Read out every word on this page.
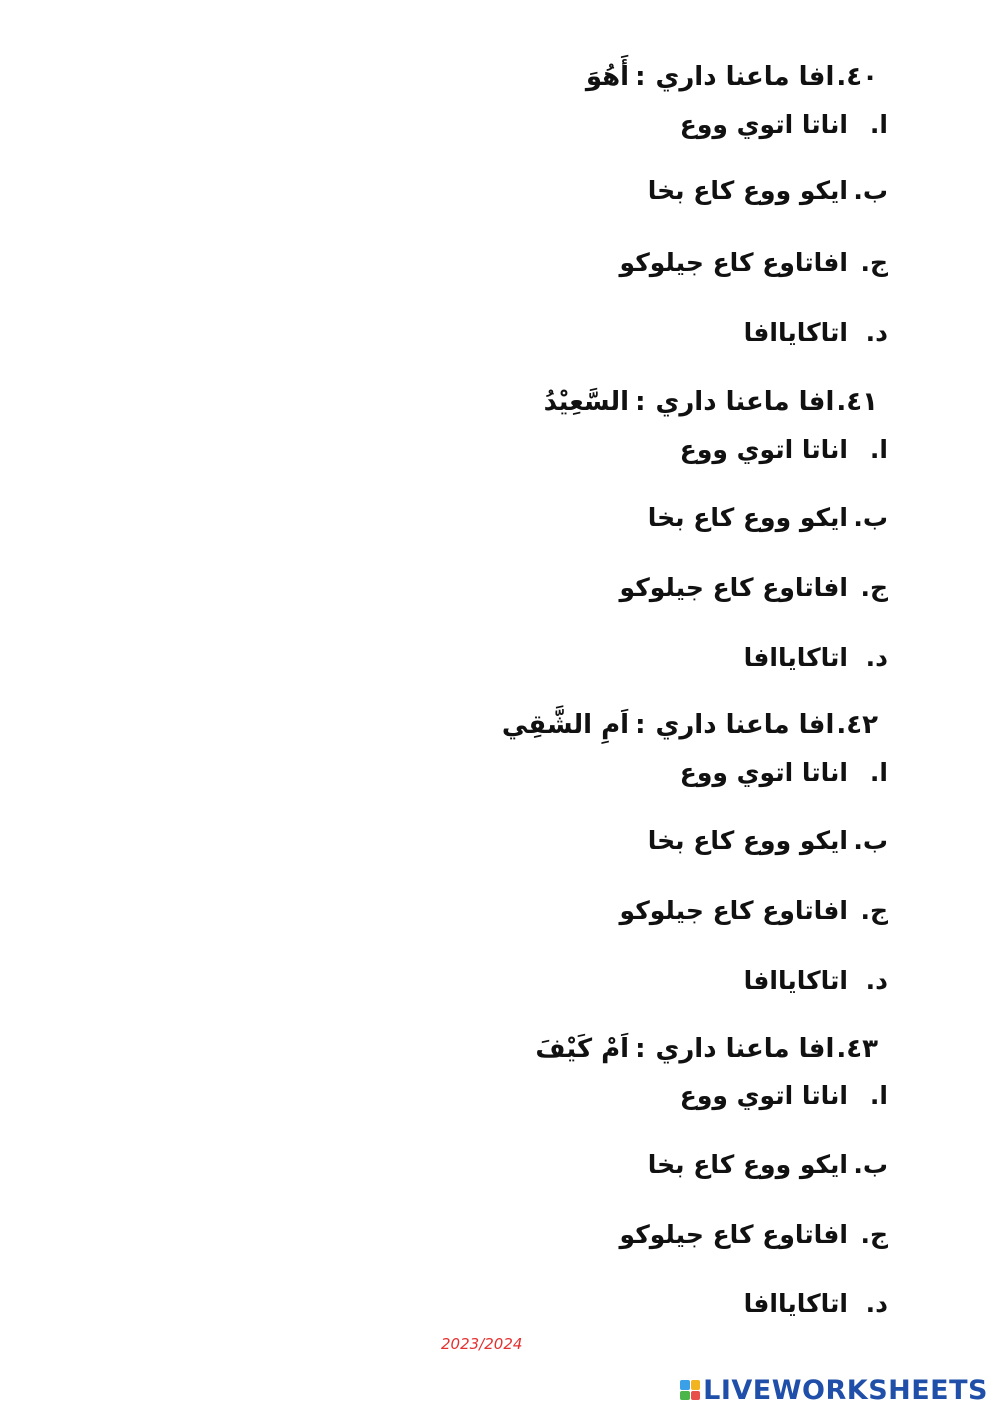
٤٠.افا ماعنا داري:أَهُوَ
ا.اناتا اتوي ووع
ب.ايكو ووع كاع بخا
ج.افاتاوع كاع جيلوكو
د.اتاكاياافا
٤١.افا ماعنا داري:السَّعِيْدُ
ا.اناتا اتوي ووع
ب.ايكو ووع كاع بخا
ج.افاتاوع كاع جيلوكو
د.اتاكاياافا
٤٢.افا ماعنا داري:اَمِ الشَّقِي
ا.اناتا اتوي ووع
ب.ايكو ووع كاع بخا
ج.افاتاوع كاع جيلوكو
د.اتاكاياافا
٤٣.افا ماعنا داري:اَمْ كَيْفَ
ا.اناتا اتوي ووع
ب.ايكو ووع كاع بخا
ج.افاتاوع كاع جيلوكو
د.اتاكاياافا
2023/2024
LIVEWORKSHEETS
